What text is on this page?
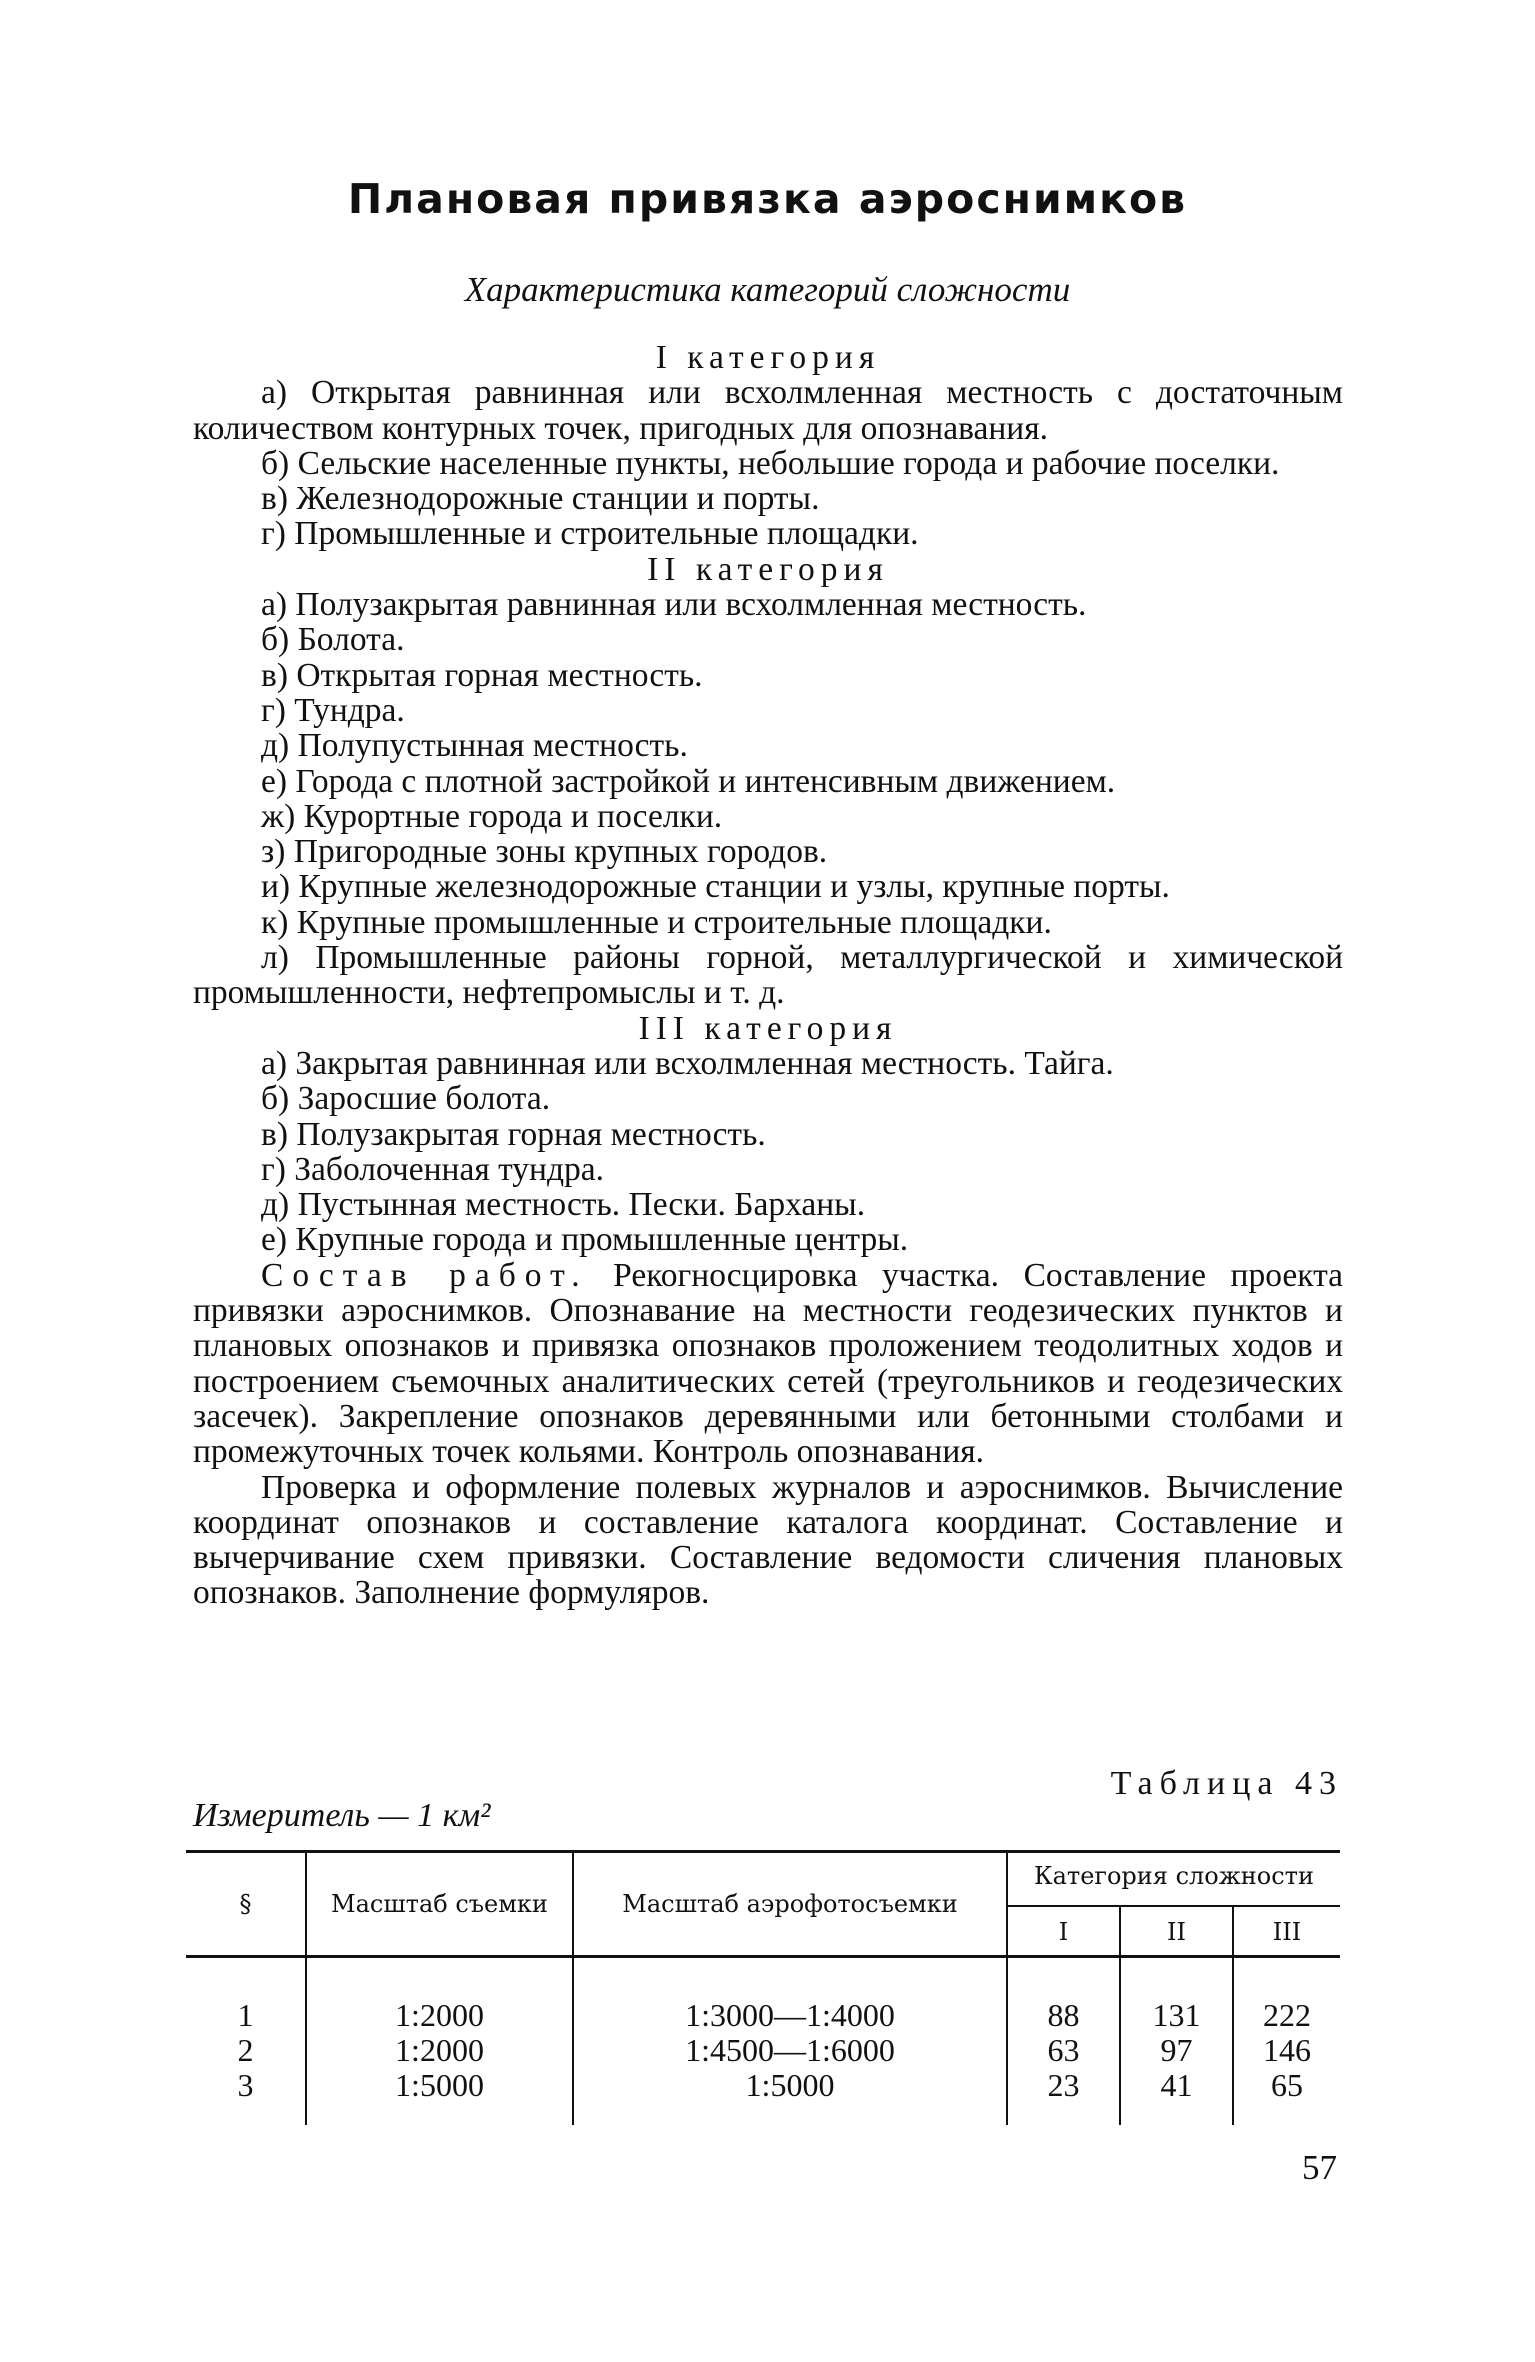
Плановая привязка аэроснимков
Характеристика категорий сложности

I категория

а) Открытая равнинная или всхолмленная местность с достаточным количеством контурных точек, пригодных для опознавания.

б) Сельские населенные пункты, небольшие города и рабочие поселки.

в) Железнодорожные станции и порты.

г) Промышленные и строительные площадки.

II категория

а) Полузакрытая равнинная или всхолмленная местность.

б) Болота.

в) Открытая горная местность.

г) Тундра.

д) Полупустынная местность.

е) Города с плотной застройкой и интенсивным движением.

ж) Курортные города и поселки.

з) Пригородные зоны крупных городов.

и) Крупные железнодорожные станции и узлы, крупные порты.

к) Крупные промышленные и строительные площадки.

л) Промышленные районы горной, металлургической и химической промышленности, нефтепромыслы и т. д.

III категория

а) Закрытая равнинная или всхолмленная местность. Тайга.

б) Заросшие болота.

в) Полузакрытая горная местность.

г) Заболоченная тундра.

д) Пустынная местность. Пески. Барханы.

е) Крупные города и промышленные центры.

Состав работ. Рекогносцировка участка. Составление проекта привязки аэроснимков. Опознавание на местности геодезических пунктов и плановых опознаков и привязка опознаков проложением теодолитных ходов и построением съемочных аналитических сетей (треугольников и геодезических засечек). Закрепление опознаков деревянными или бетонными столбами и промежуточных точек кольями. Контроль опознавания.

Проверка и оформление полевых журналов и аэроснимков. Вычисление координат опознаков и составление каталога координат. Составление и вычерчивание схем привязки. Составление ведомости сличения плановых опознаков. Заполнение формуляров.

Таблица 43
Измеритель — 1 км²
§	Масштаб съемки	Масштаб аэрофотосъемки
Категория сложности
I	II	III
1	1:2000	1:3000—1:4000	88	131	222
2	1:2000	1:4500—1:6000	63	97	146
3	1:5000	1:5000	23	41	65
57
